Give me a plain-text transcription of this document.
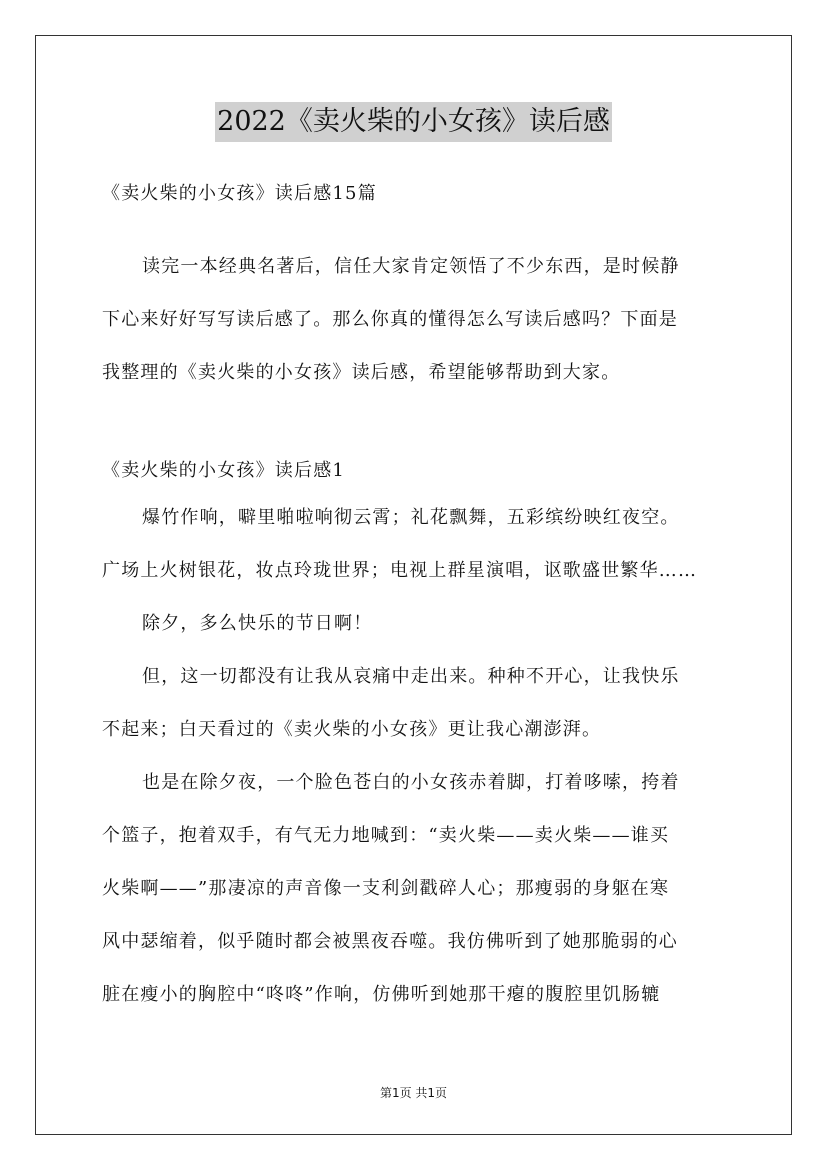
2022《卖火柴的小女孩》读后感
《卖火柴的小女孩》读后感15篇
读完一本经典名著后，信任大家肯定领悟了不少东西，是时候静
下心来好好写写读后感了。那么你真的懂得怎么写读后感吗？下面是
我整理的《卖火柴的小女孩》读后感，希望能够帮助到大家。
《卖火柴的小女孩》读后感1
爆竹作响，噼里啪啦响彻云霄；礼花飘舞，五彩缤纷映红夜空。
广场上火树银花，妆点玲珑世界；电视上群星演唱，讴歌盛世繁华……
除夕，多么快乐的节日啊！
但，这一切都没有让我从哀痛中走出来。种种不开心，让我快乐
不起来；白天看过的《卖火柴的小女孩》更让我心潮澎湃。
也是在除夕夜，一个脸色苍白的小女孩赤着脚，打着哆嗦，挎着
个篮子，抱着双手，有气无力地喊到：“卖火柴——卖火柴——谁买
火柴啊——”那凄凉的声音像一支利剑戳碎人心；那瘦弱的身躯在寒
风中瑟缩着，似乎随时都会被黑夜吞噬。我仿佛听到了她那脆弱的心
脏在瘦小的胸腔中“咚咚”作响，仿佛听到她那干瘪的腹腔里饥肠辘
第1页 共1页
